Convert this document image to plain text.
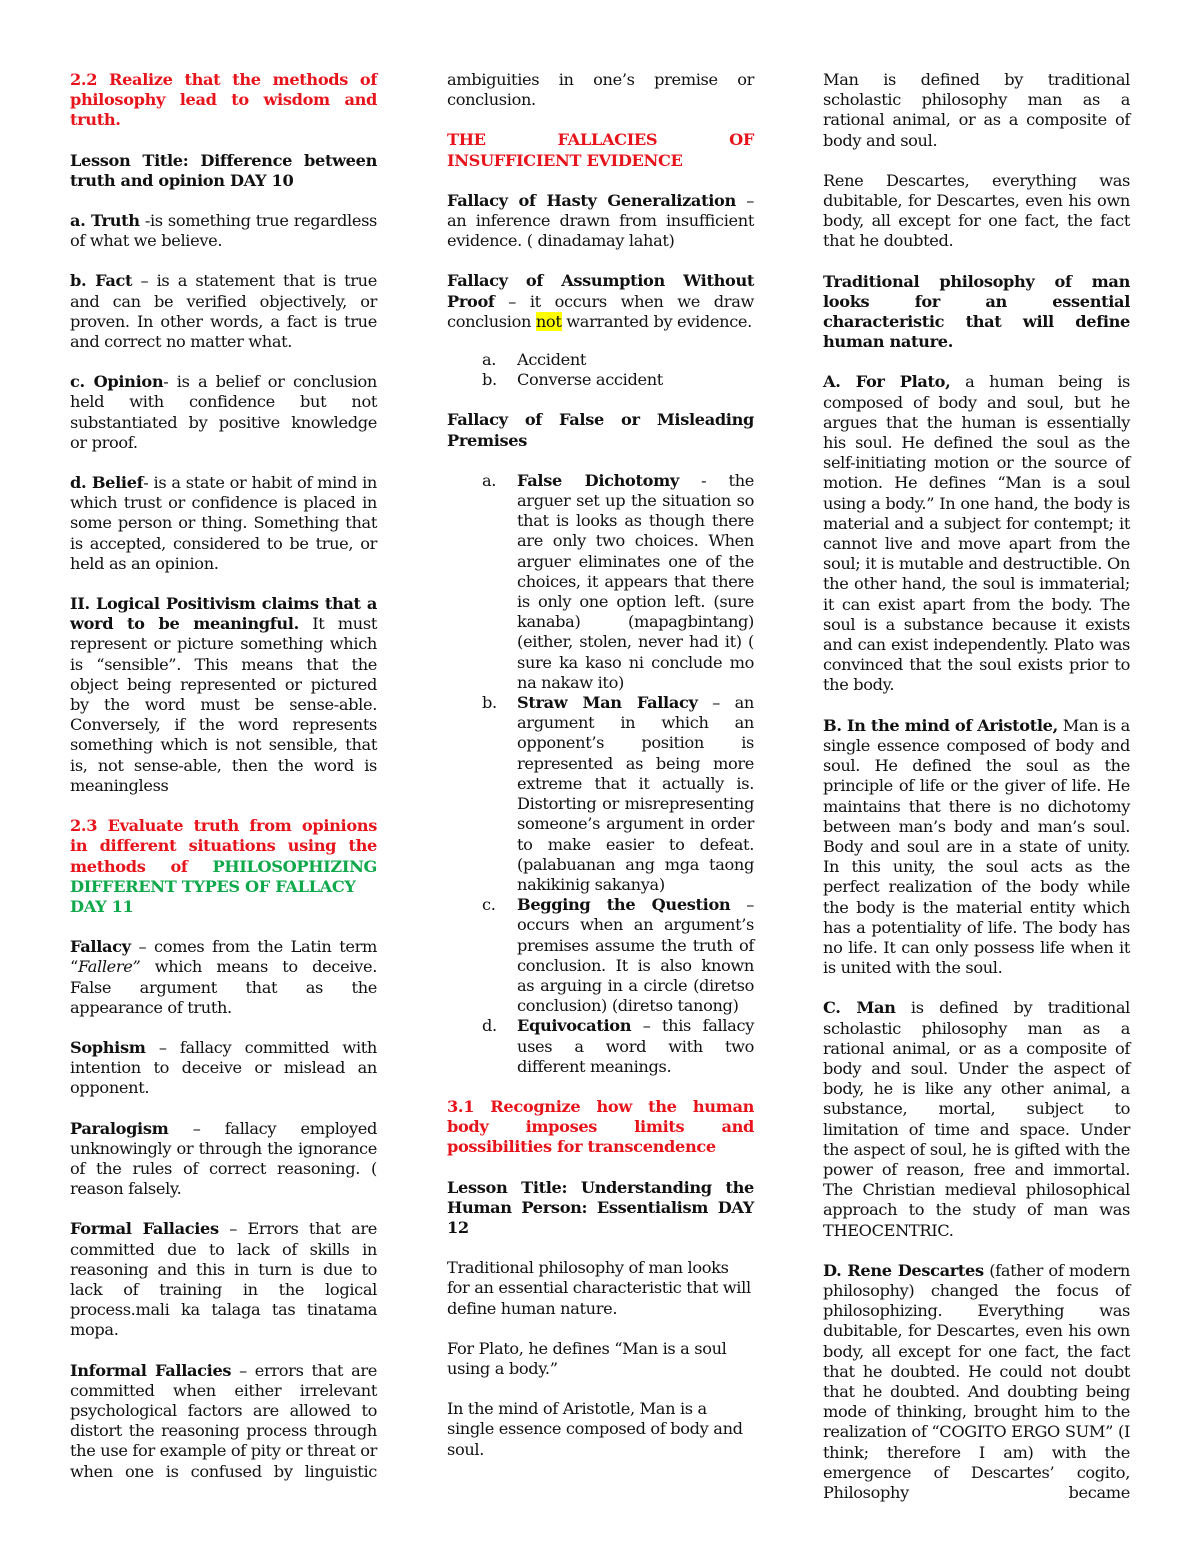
2.2 Realize that the methods of philosophy lead to wisdom and truth.

Lesson Title: Difference between truth and opinion DAY 10

a. Truth -is something true regardless of what we believe.

b. Fact – is a statement that is true and can be verified objectively, or proven. In other words, a fact is true and correct no matter what.

c. Opinion- is a belief or conclusion held with confidence but not substantiated by positive knowledge or proof.

d. Belief- is a state or habit of mind in which trust or confidence is placed in some person or thing. Something that is accepted, considered to be true, or held as an opinion.

II. Logical Positivism claims that a word to be meaningful. It must represent or picture something which is “sensible”. This means that the object being represented or pictured by the word must be sense-able. Conversely, if the word represents something which is not sensible, that is, not sense-able, then the word is meaningless

2.3 Evaluate truth from opinions in different situations using the methods of PHILOSOPHIZING DIFFERENT TYPES OF FALLACY
DAY 11

Fallacy – comes from the Latin term “Fallere” which means to deceive. False argument that as the appearance of truth.

Sophism – fallacy committed with intention to deceive or mislead an opponent.

Paralogism – fallacy employed unknowingly or through the ignorance of the rules of correct reasoning. ( reason falsely.

Formal Fallacies – Errors that are committed due to lack of skills in reasoning and this in turn is due to lack of training in the logical process.mali ka talaga tas tinatama mopa.

Informal Fallacies – errors that are committed when either irrelevant psychological factors are allowed to distort the reasoning process through the use for example of pity or threat or when one is confused by linguistic

ambiguities in one’s premise or conclusion.

THE	FALLACIES	OF
INSUFFICIENT EVIDENCE

Fallacy of Hasty Generalization – an inference drawn from insufficient evidence. ( dinadamay lahat)

Fallacy of Assumption Without Proof – it occurs when we draw conclusion not warranted by evidence.

a. Accident
b. Converse accident

Fallacy of False or Misleading Premises

a. False Dichotomy - the arguer set up the situation so that is looks as though there are only two choices. When arguer eliminates one of the choices, it appears that there is only one option left. (sure kanaba) (mapagbintang) (either, stolen, never had it) ( sure ka kaso ni conclude mo na nakaw ito)
b. Straw Man Fallacy – an argument in which an opponent’s position is represented as being more extreme that it actually is. Distorting or misrepresenting someone’s argument in order to make easier to defeat. (palabuanan ang mga taong nakikinig sakanya)
c. Begging the Question – occurs when an argument’s premises assume the truth of conclusion. It is also known as arguing in a circle (diretso conclusion) (diretso tanong)
d. Equivocation – this fallacy uses a word with two different meanings.

3.1 Recognize how the human body imposes limits and possibilities for transcendence

Lesson Title: Understanding the Human Person: Essentialism DAY 12

Traditional philosophy of man looks for an essential characteristic that will define human nature.

For Plato, he defines “Man is a soul using a body.”

In the mind of Aristotle, Man is a single essence composed of body and soul.

Man is defined by traditional scholastic philosophy man as a rational animal, or as a composite of body and soul.

Rene Descartes, everything was dubitable, for Descartes, even his own body, all except for one fact, the fact that he doubted.

Traditional philosophy of man looks for an essential characteristic that will define human nature.

A. For Plato, a human being is composed of body and soul, but he argues that the human is essentially his soul. He defined the soul as the self-initiating motion or the source of motion. He defines “Man is a soul using a body.” In one hand, the body is material and a subject for contempt; it cannot live and move apart from the soul; it is mutable and destructible. On the other hand, the soul is immaterial; it can exist apart from the body. The soul is a substance because it exists and can exist independently. Plato was convinced that the soul exists prior to the body.

B. In the mind of Aristotle, Man is a single essence composed of body and soul. He defined the soul as the principle of life or the giver of life. He maintains that there is no dichotomy between man’s body and man’s soul. Body and soul are in a state of unity. In this unity, the soul acts as the perfect realization of the body while the body is the material entity which has a potentiality of life. The body has no life. It can only possess life when it is united with the soul.

C. Man is defined by traditional scholastic philosophy man as a rational animal, or as a composite of body and soul. Under the aspect of body, he is like any other animal, a substance, mortal, subject to limitation of time and space. Under the aspect of soul, he is gifted with the power of reason, free and immortal. The Christian medieval philosophical approach to the study of man was THEOCENTRIC.

D. Rene Descartes (father of modern philosophy) changed the focus of philosophizing. Everything was dubitable, for Descartes, even his own body, all except for one fact, the fact that he doubted. He could not doubt that he doubted. And doubting being mode of thinking, brought him to the realization of “COGITO ERGO SUM” (I think; therefore I am) with the emergence of Descartes’ cogito, Philosophy became
